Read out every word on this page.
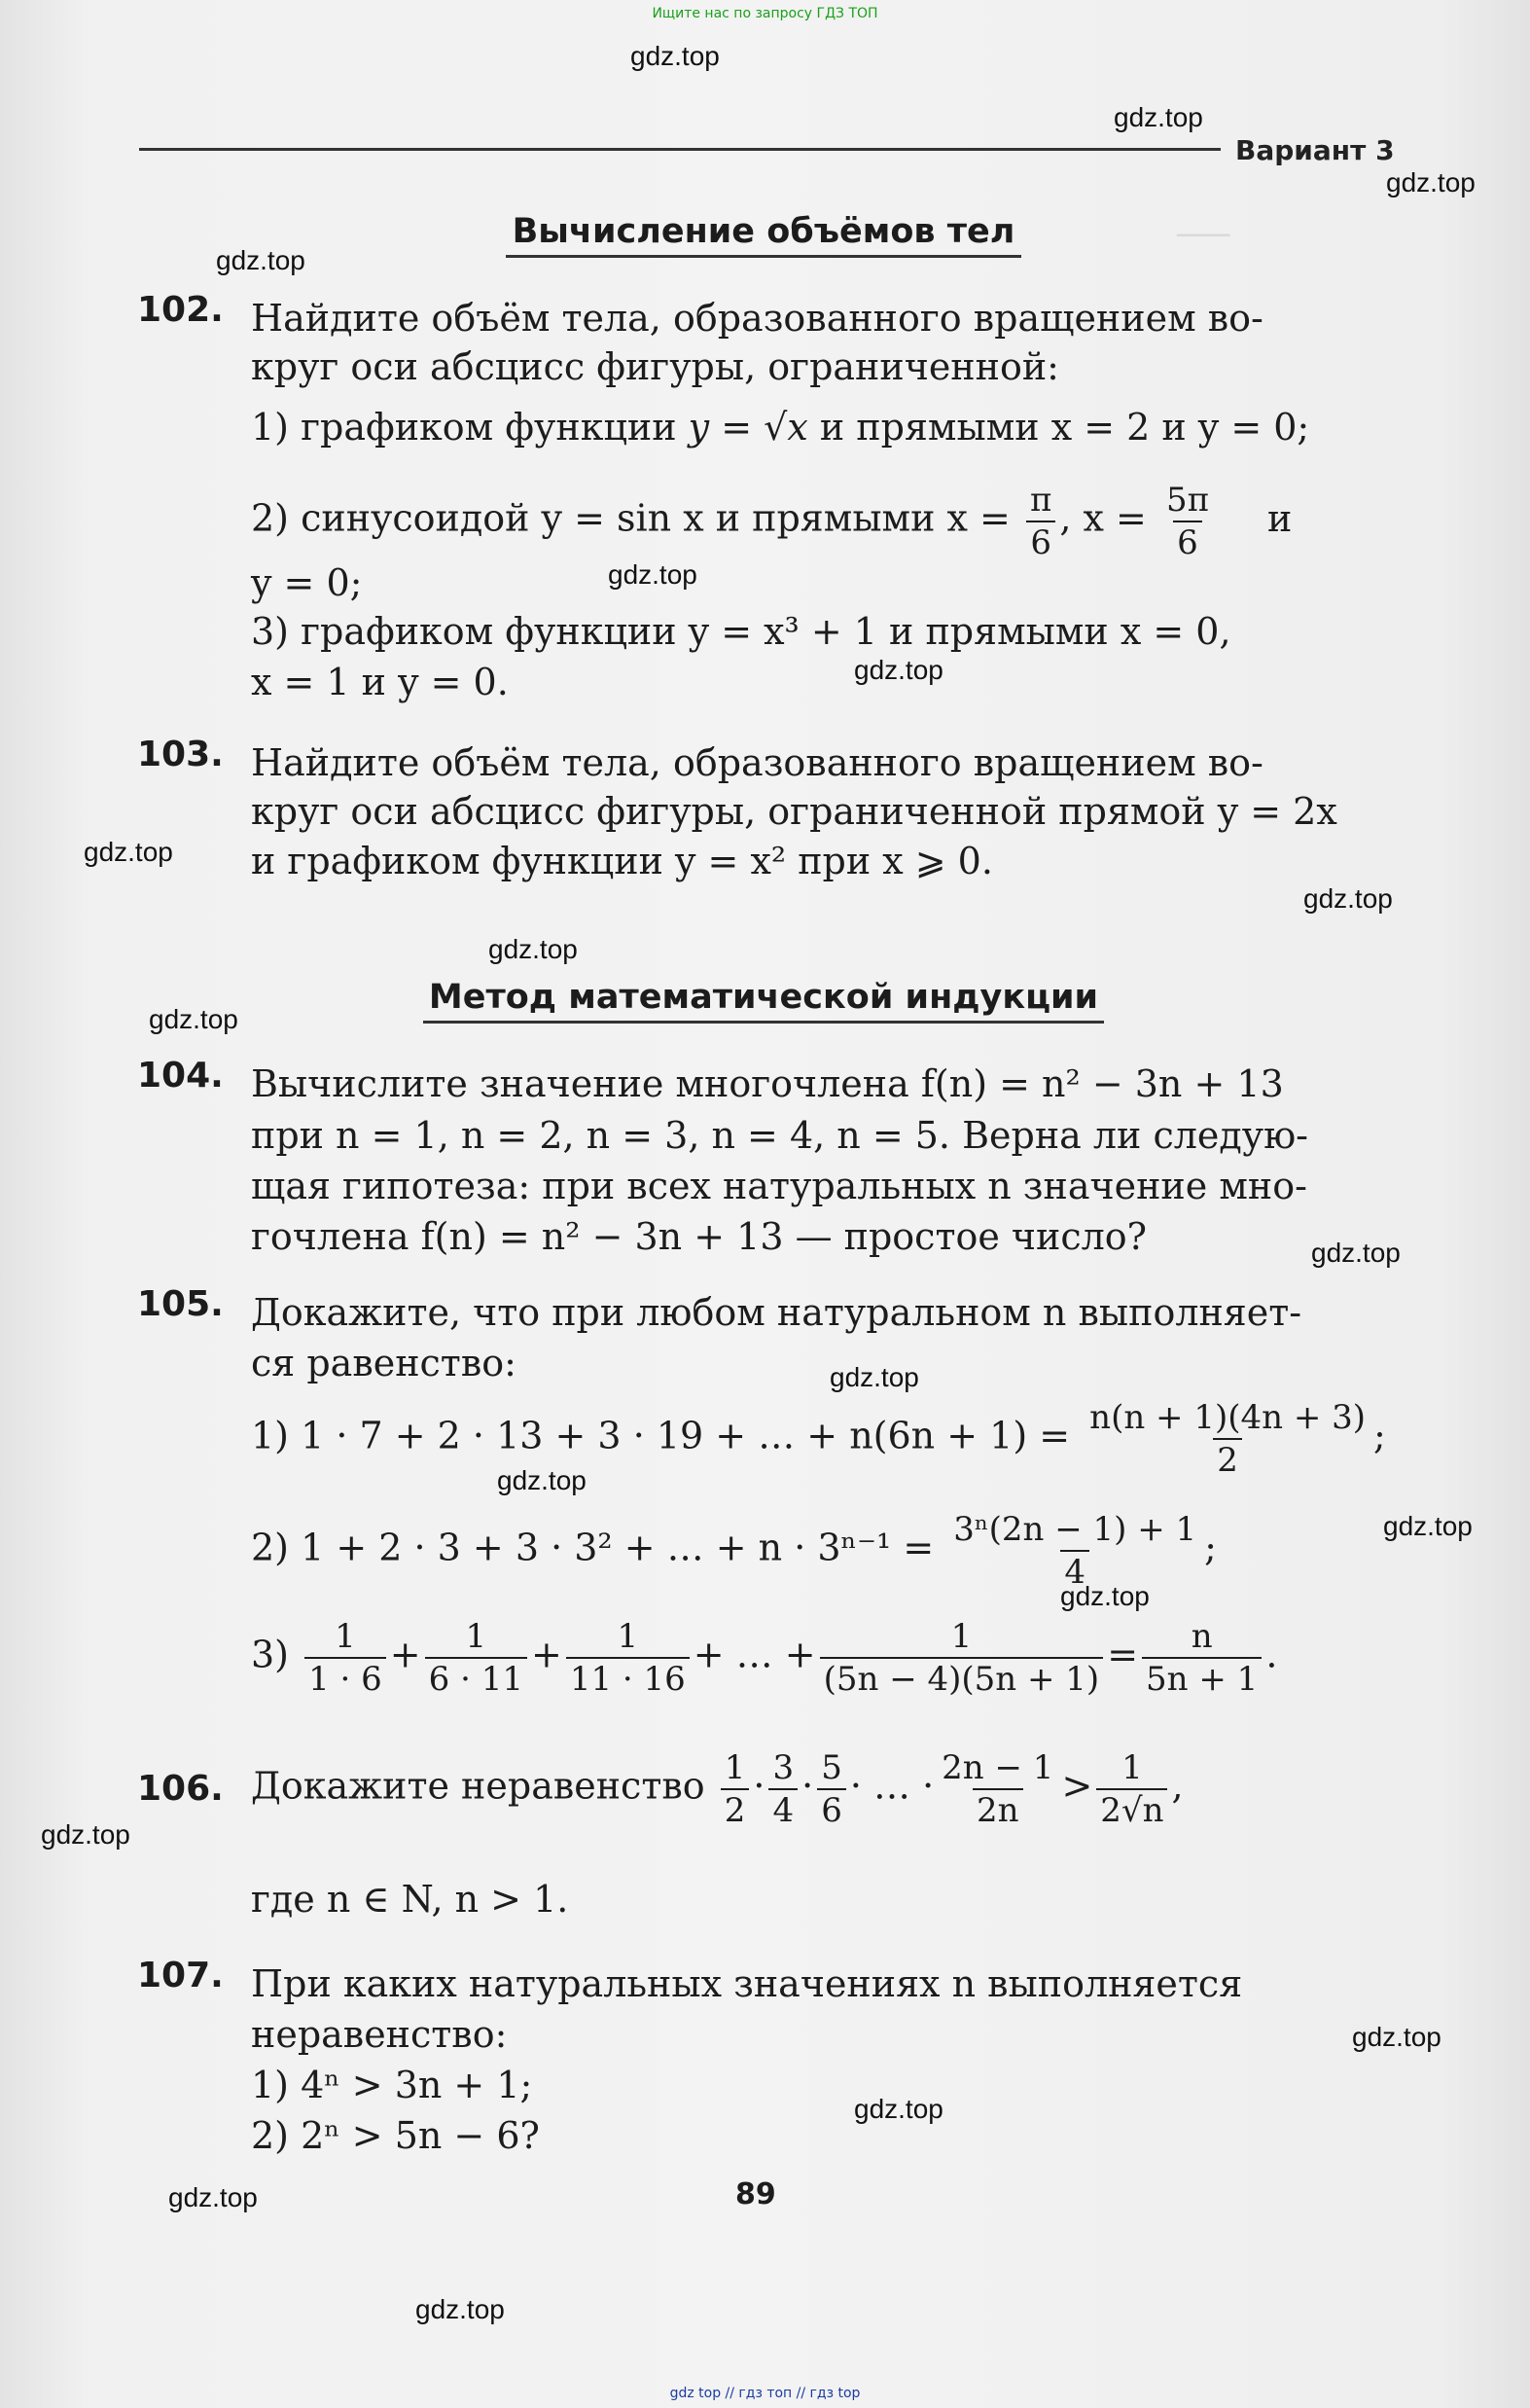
Ищите нас по запросу ГДЗ ТОП
───
Вариант 3
Вычисление объёмов тел
102. Найдите объём тела, образованного вращением во-
круг оси абсцисс фигуры, ограниченной:
1) графиком функции y = √x и прямыми x = 2 и y = 0;
2) синусоидой y = sin x и прямыми $x = \frac{\pi}{6}$ , $x = \frac{5\pi}{6}$ и
y = 0;
3) графиком функции y = x³ + 1 и прямыми x = 0,
x = 1 и y = 0.
103. Найдите объём тела, образованного вращением во-
круг оси абсцисс фигуры, ограниченной прямой y = 2x
и графиком функции y = x² при x ⩾ 0.
Метод математической индукции
104. Вычислите значение многочлена f(n) = n² − 3n + 13
при n = 1, n = 2, n = 3, n = 4, n = 5. Верна ли следую-
щая гипотеза: при всех натуральных n значение мно-
гочлена f(n) = n² − 3n + 13 — простое число?
105. Докажите, что при любом натуральном n выполняет-
ся равенство:
1) 1 · 7 + 2 · 13 + 3 · 19 + … + $n(6n + 1) = \frac{n(n + 1)(4n + 3)}{2}$ ;
2) 1 + 2 · 3 + 3 · 3² + … + $n \cdot 3^{n-1} = \frac{\text{3ⁿ(2n − 1) + 1}}{4}$ ;
$3) \frac{1}{1 \cdot 6} + \frac{1}{6 \cdot 11} + \frac{1}{11 \cdot 16}$ + … + $\frac{1}{(5n - 4)(5n + 1)} = \frac{n}{5n + 1}$ .
106. Докажите неравенство $\frac{1}{2} \cdot \frac{3}{4} \cdot \frac{5}{6}$ · … · $\frac{2n - 1}{2n} > \frac{1}{2√n}$ ,
где n ∈ N, n > 1.
107. При каких натуральных значениях n выполняется
неравенство:
1) 4ⁿ > 3n + 1;
2) 2ⁿ > 5n − 6?
89
gdz.top
gdz.top
gdz.top
gdz.top
gdz.top
gdz.top
gdz.top
gdz.top
gdz.top
gdz.top
gdz.top
gdz.top
gdz.top
gdz.top
gdz.top
gdz.top
gdz.top
gdz.top
gdz.top
gdz.top
gdz top // гдз топ // гдз top
